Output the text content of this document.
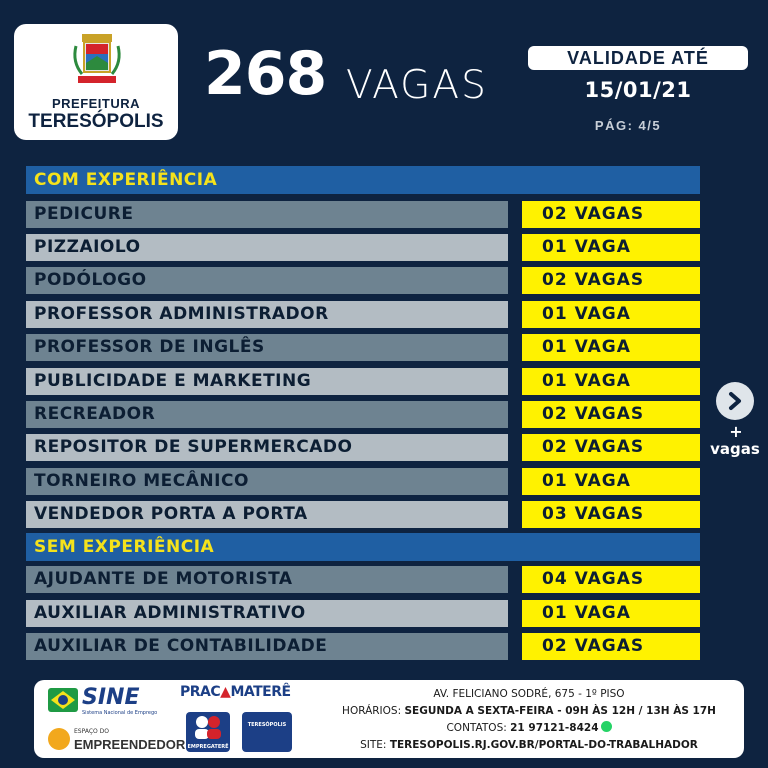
PREFEITURA
TERESÓPOLIS
268 VAGAS
VALIDADE ATÉ
15/01/21
PÁG: 4/5
COM EXPERIÊNCIA
PEDICURE	02 VAGAS
PIZZAIOLO	01 VAGA
PODÓLOGO	02 VAGAS
PROFESSOR ADMINISTRADOR	01 VAGA
PROFESSOR DE INGLÊS	01 VAGA
PUBLICIDADE E MARKETING	01 VAGA
RECREADOR	02 VAGAS
REPOSITOR DE SUPERMERCADO	02 VAGAS
TORNEIRO MECÂNICO	01 VAGA
VENDEDOR PORTA A PORTA	03 VAGAS
SEM EXPERIÊNCIA
AJUDANTE DE MOTORISTA	04 VAGAS
AUXILIAR ADMINISTRATIVO	01 VAGA
AUXILIAR DE CONTABILIDADE	02 VAGAS
+
vagas
SINE
Sistema Nacional de Emprego
ESPAÇO DO
EMPREENDEDOR
PRAC▲MATERÊ
EMPREGATERÊ
TERESÓPOLIS
AV. FELICIANO SODRÉ, 675 - 1º PISO
HORÁRIOS: SEGUNDA A SEXTA-FEIRA - 09H ÀS 12H / 13H ÀS 17H
CONTATOS: 21 97121-8424
SITE: TERESOPOLIS.RJ.GOV.BR/PORTAL-DO-TRABALHADOR
